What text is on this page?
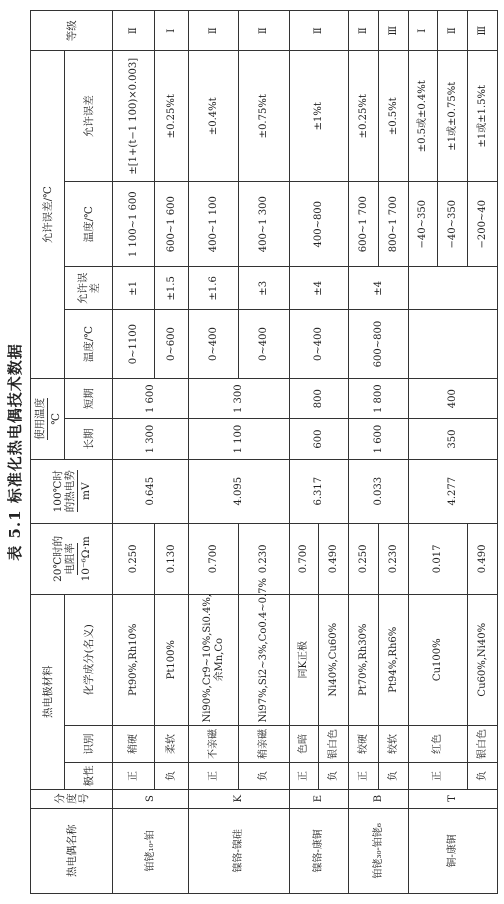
表 5.1 标准化热电偶技术数据
热电偶名称	分
度
号	热电极材料			20℃时的
电阻率 10⁻⁶Ω·m	100℃时
的热电势 mV	使用温度 ℃		允许误差/℃				等级
		极性	识别	化学成分(名义)			长期	短期	温度/℃	允许误差	温度/℃	允许误差	
铂铑₁₀-铂	S	正	稍硬	Pt90%,Rh10%	0.250	0.645	1 300	1 600	0~1100	±1	1 100~1 600	±[1+(t−1 100)×0.003]	Ⅱ
		负	柔软	Pt100%	0.130				0~600	±1.5	600~1 600	±0.25%t	Ⅰ
镍铬-镍硅	K	正	不亲磁	Ni90%,Cr9~10%,Si0.4%,余Mn,Co	0.700	4.095	1 100	1 300	0~400	±1.6	400~1 100	±0.4%t	Ⅱ
		负	稍亲磁	Ni97%,Si2~3%,Co0.4~0.7%	0.230				0~400	±3	400~1 300	±0.75%t	Ⅱ
镍铬-康铜	E	正	色暗	同K正极	0.700	6.317	600	800	0~400	±4	400~800	±1%t	Ⅱ
		负	银白色	Ni40%,Cu60%	0.490								
铂铑₃₀-铂铑₆	B	正	较硬	Pt70%,Rh30%	0.250	0.033	1 600	1 800	600~800	±4	600~1 700	±0.25%t	Ⅱ
		负	较软	Pt94%,Rh6%	0.230						800~1 700	±0.5%t	Ⅲ
铜-康铜	T	正	红色	Cu100%	0.017	4.277	350	400			−40~350	±0.5或±0.4%t	Ⅰ
											−40~350	±1或±0.75%t	Ⅱ
		负	银白色	Cu60%,Ni40%	0.490						−200~40	±1或±1.5%t	Ⅲ
